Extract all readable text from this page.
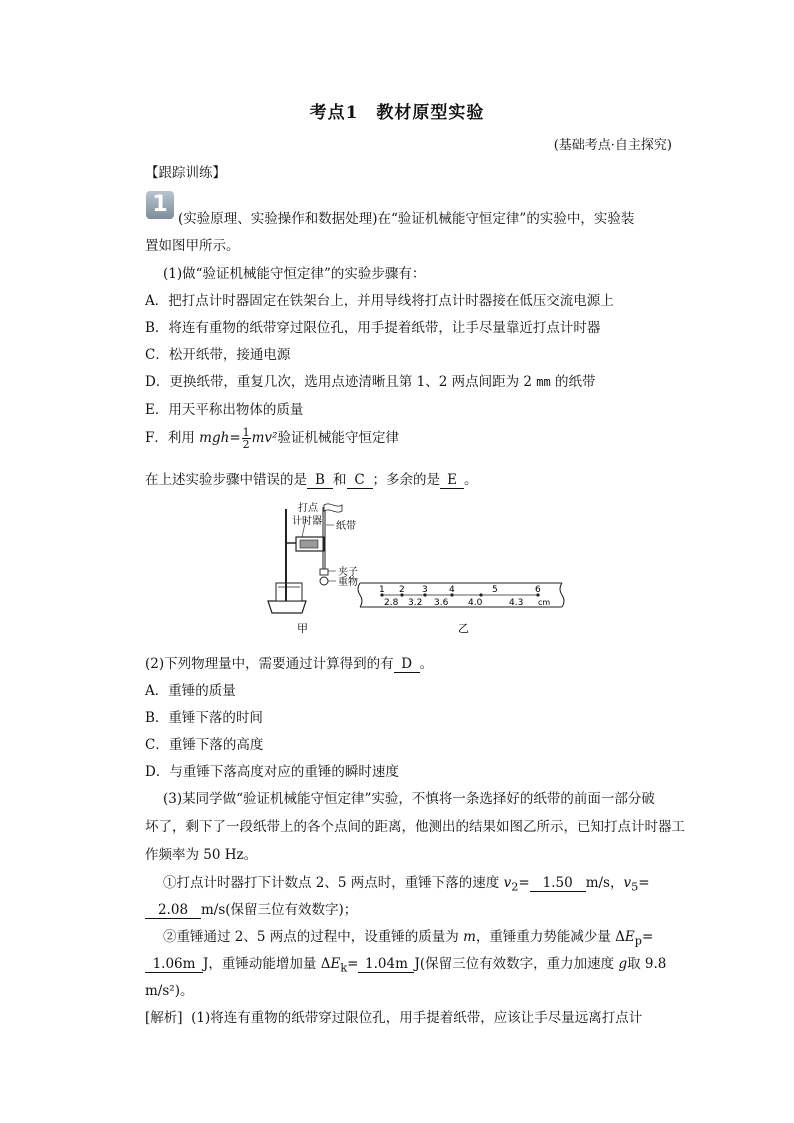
考点1 教材原型实验
(基础考点·自主探究)
【跟踪训练】
1
(实验原理、实验操作和数据处理)在“验证机械能守恒定律”的实验中，实验装
置如图甲所示。
(1)做“验证机械能守恒定律”的实验步骤有：
A．把打点计时器固定在铁架台上，并用导线将打点计时器接在低压交流电源上
B．将连有重物的纸带穿过限位孔，用手提着纸带，让手尽量靠近打点计时器
C．松开纸带，接通电源
D．更换纸带，重复几次，选用点迹清晰且第 1、2 两点间距为 2 mm 的纸带
E．用天平称出物体的质量
F．利用 $mgh= \frac{1}{2} mv^2$验证机械能守恒定律
在上述实验步骤中错误的是 B 和 C ；多余的是 E 。
打点
计时器 纸带
夹子
重物
甲
1 2 3 4	5	6
2.8 3.2 3.6 4.0	4.3 cm
乙
(2)下列物理量中，需要通过计算得到的有 D 。
A．重锤的质量
B．重锤下落的时间
C．重锤下落的高度
D．与重锤下落高度对应的重锤的瞬时速度
(3)某同学做“验证机械能守恒定律”实验，不慎将一条选择好的纸带的前面一部分破
坏了，剩下了一段纸带上的各个点间的距离，他测出的结果如图乙所示，已知打点计时器工
作频率为 50 Hz。
①打点计时器打下计数点 2、5 两点时，重锤下落的速度 $v_2= 1.50$ m/s，$v_5=$
2.08 m/s(保留三位有效数字)；
②重锤通过 2、5 两点的过程中，设重锤的质量为 m，重锤重力势能减少量 $\Delta E_p=$
1.06m J，重锤动能增加量 $\Delta E_k= 1.04m$ J(保留三位有效数字，重力加速度 g取 9.8
m/s²)。
[解析] (1)将连有重物的纸带穿过限位孔，用手提着纸带，应该让手尽量远离打点计
